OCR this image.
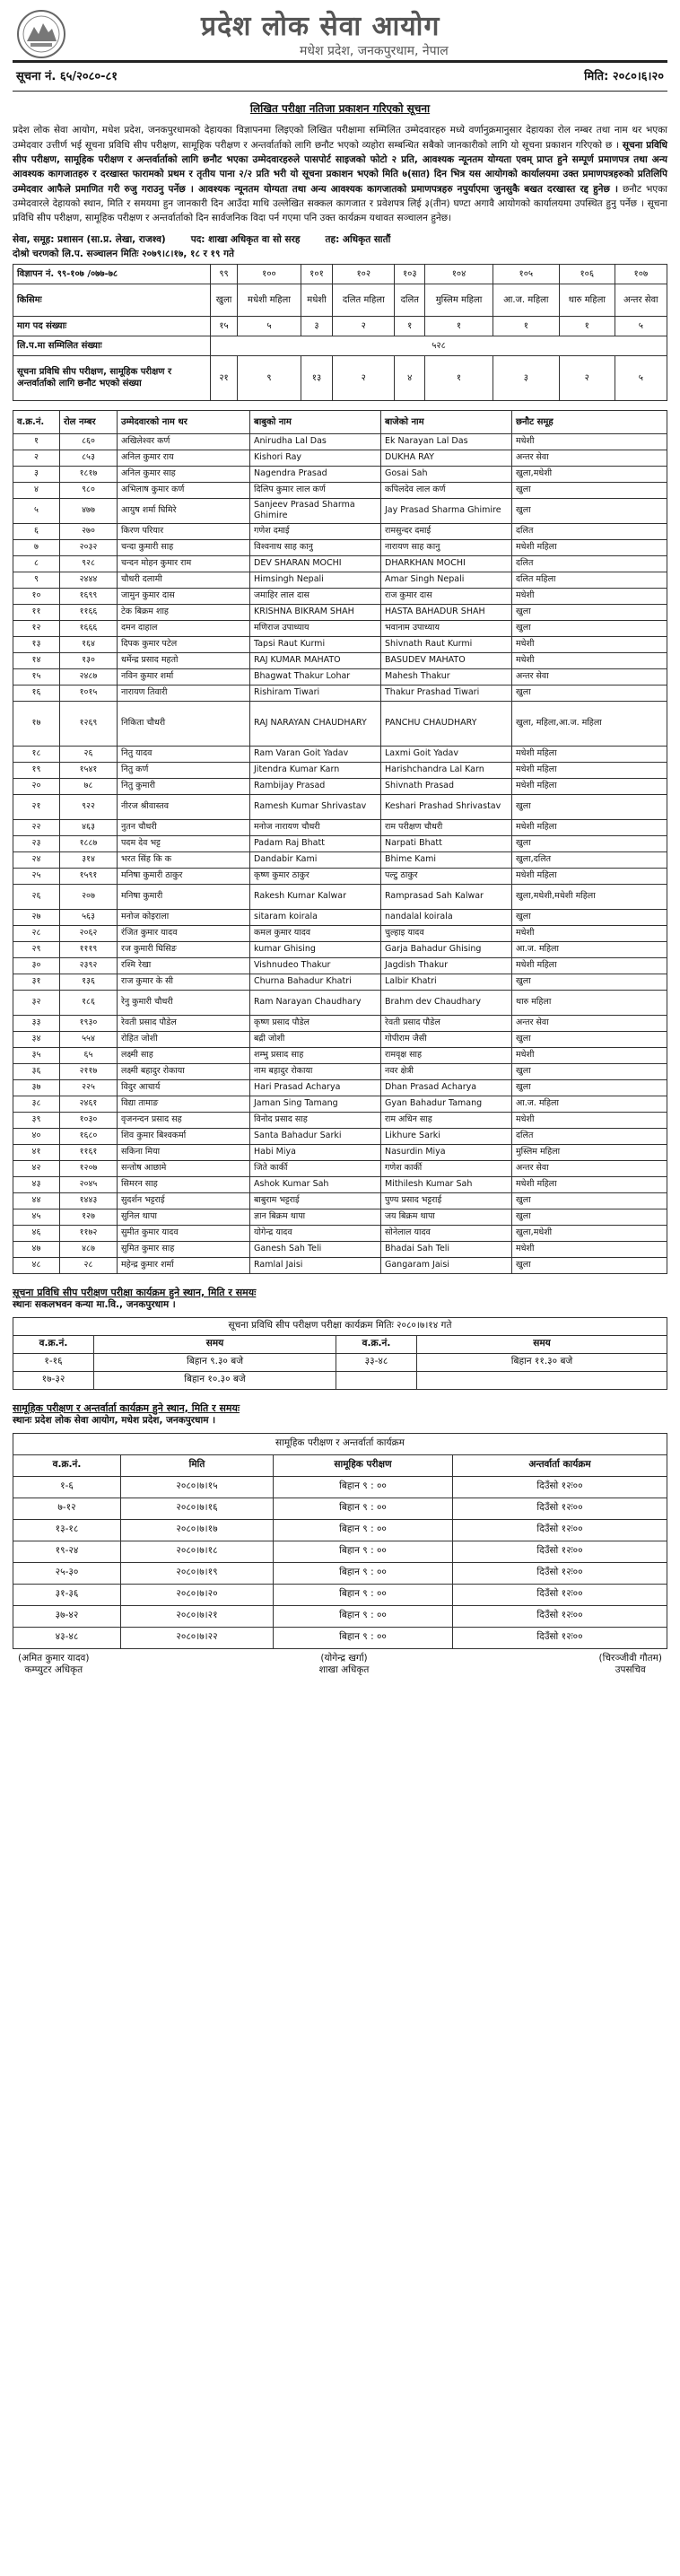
प्रदेश लोक सेवा आयोग
मधेश प्रदेश, जनकपुरधाम, नेपाल
सूचना नं. ६५/२०८०-८१	मिति: २०८०।६।२०
लिखित परीक्षा नतिजा प्रकाशन गरिएको सूचना
प्रदेश लोक सेवा आयोग, मधेश प्रदेश, जनकपुरधामको देहायका विज्ञापनमा लिइएको लिखित परीक्षामा सम्मिलित उम्मेदवारहरु मध्ये वर्णानुक्रमानुसार देहायका रोल नम्बर तथा नाम थर भएका उम्मेदवार उत्तीर्ण भई सूचना प्रविधि सीप परीक्षण, सामूहिक परीक्षण र अन्तर्वार्ताको लागि छनौट भएको व्यहोरा सम्बन्धित सबैको जानकारीको लागि यो सूचना प्रकाशन गरिएको छ । सूचना प्रविधि सीप परीक्षण, सामूहिक परीक्षण र अन्तर्वार्ताको लागि छनौट भएका उम्मेदवारहरुले पासपोर्ट साइजको फोटो २ प्रति, आवश्यक न्यूनतम योग्यता एवम् प्राप्त हुने सम्पूर्ण प्रमाणपत्र तथा अन्य आवश्यक कागजातहरु र दरखास्त फारामको प्रथम र तृतीय पाना २/२ प्रति भरी यो सूचना प्रकाशन भएको मिति ७(सात) दिन भित्र यस आयोगको कार्यालयमा उक्त प्रमाणपत्रहरुको प्रतिलिपि उम्मेदवार आफैले प्रमाणित गरी रुजु गराउनु पर्नेछ । आवश्यक न्यूनतम योग्यता तथा अन्य आवश्यक कागजातको प्रमाणपत्रहरु नपुर्याएमा जुनसुकै बखत दरखास्त रद्द हुनेछ । छनौट भएका उम्मेदवारले देहायको स्थान, मिति र समयमा हुन जानकारी दिन आउँदा माथि उल्लेखित सक्कल कागजात र प्रवेशपत्र लिई ३(तीन) घण्टा अगावै आयोगको कार्यालयमा उपस्थित हुनु पर्नेछ । सूचना प्रविधि सीप परीक्षण, सामूहिक परीक्षण र अन्तर्वार्ताको दिन सार्वजनिक विदा पर्न गएमा पनि उक्त कार्यक्रम यथावत सञ्चालन हुनेछ।
सेवा, समूह: प्रशासन (सा.प्र. लेखा, राजश्व)	पद: शाखा अधिकृत वा सो सरह	तह: अधिकृत सातौं
दोश्रो चरणको लि.प. सञ्चालन मितिः २०७९।८।१७, १८ र १९ गते
विज्ञापन नं. ९९-१०७ /०७७-७८	९९	१००	१०१	१०२	१०३	१०४	१०५	१०६	१०७
किसिमः	खुला	मधेशी महिला	मधेशी	दलित महिला	दलित	मुस्लिम महिला	आ.ज. महिला	थारु महिला	अन्तर सेवा
माग पद संख्याः	१५	५	३	२	१	१	१	१	५
लि.प.मा सम्मिलित संख्याः	५२८								
सूचना प्रविधि सीप परीक्षण, सामूहिक परीक्षण र अन्तर्वार्ताको लागि छनौट भएको संख्या	२१	९	१३	२	४	१	३	२	५
व.क्र.नं.	रोल नम्बर	उम्मेदवारको नाम थर	बाबुको नाम	बाजेको नाम	छनौट समूह
१	८६०	अखिलेश्वर कर्ण	Anirudha Lal Das	Ek Narayan Lal Das	मधेशी
२	८५३	अनिल कुमार राय	Kishori Ray	DUKHA RAY	अन्तर सेवा
३	१८१७	अनिल कुमार साह	Nagendra Prasad	Gosai Sah	खुला,मधेशी
४	९८०	अभिलाष कुमार कर्ण	दिलिप कुमार लाल कर्ण	कपिलदेव लाल कर्ण	खुला
५	४७७	आयुष शर्मा घिमिरे	Sanjeev Prasad Sharma Ghimire	Jay Prasad Sharma Ghimire	खुला
६	२७०	किरण परियार	गणेश दमाई	रामसुन्दर दमाई	दलित
७	२०३२	चन्दा कुमारी साह	विश्वनाथ साह कानु	नारायण साह कानु	मधेशी महिला
८	९२८	चन्दन मोहन कुमार राम	DEV SHARAN MOCHI	DHARKHAN MOCHI	दलित
९	२४४४	चौधरी दलामी	Himsingh Nepali	Amar Singh Nepali	दलित महिला
१०	१६९९	जामुन कुमार दास	जमाहिर लाल दास	राज कुमार दास	मधेशी
११	११६६	टेक बिक्रम शाह	KRISHNA BIKRAM SHAH	HASTA BAHADUR SHAH	खुला
१२	१६६६	दमन दाहाल	मणिराज उपाध्याय	भवानाम उपाध्याय	खुला
१३	१६४	दिपक कुमार पटेल	Tapsi Raut Kurmi	Shivnath Raut Kurmi	मधेशी
१४	१३०	धर्मेन्द्र प्रसाद महतो	RAJ KUMAR MAHATO	BASUDEV MAHATO	मधेशी
१५	२४८७	नविन कुमार शर्मा	Bhagwat Thakur Lohar	Mahesh Thakur	अन्तर सेवा
१६	१०१५	नारायण तिवारी	Rishiram Tiwari	Thakur Prashad Tiwari	खुला
१७	१२६९	निकिता चौधरी	RAJ NARAYAN CHAUDHARY	PANCHU CHAUDHARY	खुला, महिला,आ.ज. महिला
१८	२६	नितु यादव	Ram Varan Goit Yadav	Laxmi Goit Yadav	मधेशी महिला
१९	१५४१	नितु कर्ण	Jitendra Kumar Karn	Harishchandra Lal Karn	मधेशी महिला
२०	७८	नितु कुमारी	Rambijay Prasad	Shivnath Prasad	मधेशी महिला
२१	९२२	नीरज श्रीवास्तव	Ramesh Kumar Shrivastav	Keshari Prashad Shrivastav	खुला
२२	४६३	नुतन चौधरी	मनोज नारायण चौधरी	राम परीक्षण चौधरी	मधेशी महिला
२३	१८८७	पदम देव भट्ट	Padam Raj Bhatt	Narpati Bhatt	खुला
२४	३१४	भरत सिंह कि क	Dandabir Kami	Bhime Kami	खुला,दलित
२५	१५९१	मनिषा कुमारी ठाकुर	कृष्ण कुमार ठाकुर	पल्टु ठाकुर	मधेशी महिला
२६	२०७	मनिषा कुमारी	Rakesh Kumar Kalwar	Ramprasad Sah Kalwar	खुला,मधेशी,मधेशी महिला
२७	५६३	मनोज कोइराला	sitaram koirala	nandalal koirala	खुला
२८	२०६२	रंजित कुमार यादव	कमल कुमार यादव	चुल्हाइ यादव	मधेशी
२९	१११९	रज कुमारी घिसिङ	kumar Ghising	Garja Bahadur Ghising	आ.ज. महिला
३०	२३९२	रश्मि रेखा	Vishnudeo Thakur	Jagdish Thakur	मधेशी महिला
३१	१३६	राज कुमार के सी	Churna Bahadur Khatri	Lalbir Khatri	खुला
३२	१८६	रेनु कुमारी चौधरी	Ram Narayan Chaudhary	Brahm dev Chaudhary	थारु महिला
३३	१९३०	रेवती प्रसाद पौडेल	कृष्ण प्रसाद पौडेल	रेवती प्रसाद पौडेल	अन्तर सेवा
३४	५५४	रोहित जोशी	बद्री जोशी	गोपीराम जैसी	खुला
३५	६५	लक्ष्मी साह	शम्भु प्रसाद साह	रामवृक्ष साह	मधेशी
३६	२११७	लक्ष्मी बहादुर रोकाया	नाम बहादुर रोकाया	नवर क्षेत्री	खुला
३७	२२५	विदुर आचार्य	Hari Prasad Acharya	Dhan Prasad Acharya	खुला
३८	२४६१	विद्या तामाङ	Jaman Sing Tamang	Gyan Bahadur Tamang	आ.ज. महिला
३९	१०३०	वृजनन्दन प्रसाद सह	विनोद प्रसाद साह	राम अधिन साह	मधेशी
४०	१६८०	शिव कुमार बिश्वकर्मा	Santa Bahadur Sarki	Likhure Sarki	दलित
४१	११६१	सकिना मिया	Habi Miya	Nasurdin Miya	मुस्लिम महिला
४२	१२०७	सन्तोष आछामे	जिते कार्की	गणेश कार्की	अन्तर सेवा
४३	२०४५	सिमरन साह	Ashok Kumar Sah	Mithilesh Kumar Sah	मधेशी महिला
४४	१४४३	सुदर्शन भट्टराई	बाबुराम भट्टराई	पुण्य प्रसाद भट्टराई	खुला
४५	१२७	सुनिल थापा	ज्ञान बिक्रम थापा	जय बिक्रम थापा	खुला
४६	११७२	सुमीत कुमार यादव	योगेन्द्र यादव	सोनेलाल यादव	खुला,मधेशी
४७	४८७	सुमित कुमार साह	Ganesh Sah Teli	Bhadai Sah Teli	मधेशी
४८	२८	महेन्द्र कुमार शर्मा	Ramlal Jaisi	Gangaram Jaisi	खुला
सूचना प्रविधि सीप परीक्षण परीक्षा कार्यक्रम हुने स्थान, मिति र समयः
स्थानः सकलभवन कन्या मा.वि., जनकपुरधाम ।
सूचना प्रविधि सीप परीक्षण परीक्षा कार्यक्रम मितिः २०८०।७।१४ गते			
व.क्र.नं.	समय	व.क्र.नं.	समय
१-१६	बिहान ९.३० बजे	३३-४८	बिहान ११.३० बजे
१७-३२	बिहान १०.३० बजे		
सामूहिक परीक्षण र अन्तर्वार्ता कार्यक्रम हुने स्थान, मिति र समयः
स्थानः प्रदेश लोक सेवा आयोग, मधेश प्रदेश, जनकपुरधाम ।
सामूहिक परीक्षण र अन्तर्वार्ता कार्यक्रम			
व.क्र.नं.	मिति	सामूहिक परीक्षण	अन्तर्वार्ता कार्यक्रम
१-६	२०८०।७।१५	बिहान ९ : ००	दिउँसो १२ः००
७-१२	२०८०।७।१६	बिहान ९ : ००	दिउँसो १२ः००
१३-१८	२०८०।७।१७	बिहान ९ : ००	दिउँसो १२ः००
१९-२४	२०८०।७।१८	बिहान ९ : ००	दिउँसो १२ः००
२५-३०	२०८०।७।१९	बिहान ९ : ००	दिउँसो १२ः००
३१-३६	२०८०।७।२०	बिहान ९ : ००	दिउँसो १२ः००
३७-४२	२०८०।७।२१	बिहान ९ : ००	दिउँसो १२ः००
४३-४८	२०८०।७।२२	बिहान ९ : ००	दिउँसो १२ः००
(अमित कुमार यादव)
कम्प्युटर अधिकृत
(योगेन्द्र खर्गा)
शाखा अधिकृत
(चिरञ्जीवी गौतम)
उपसचिव
